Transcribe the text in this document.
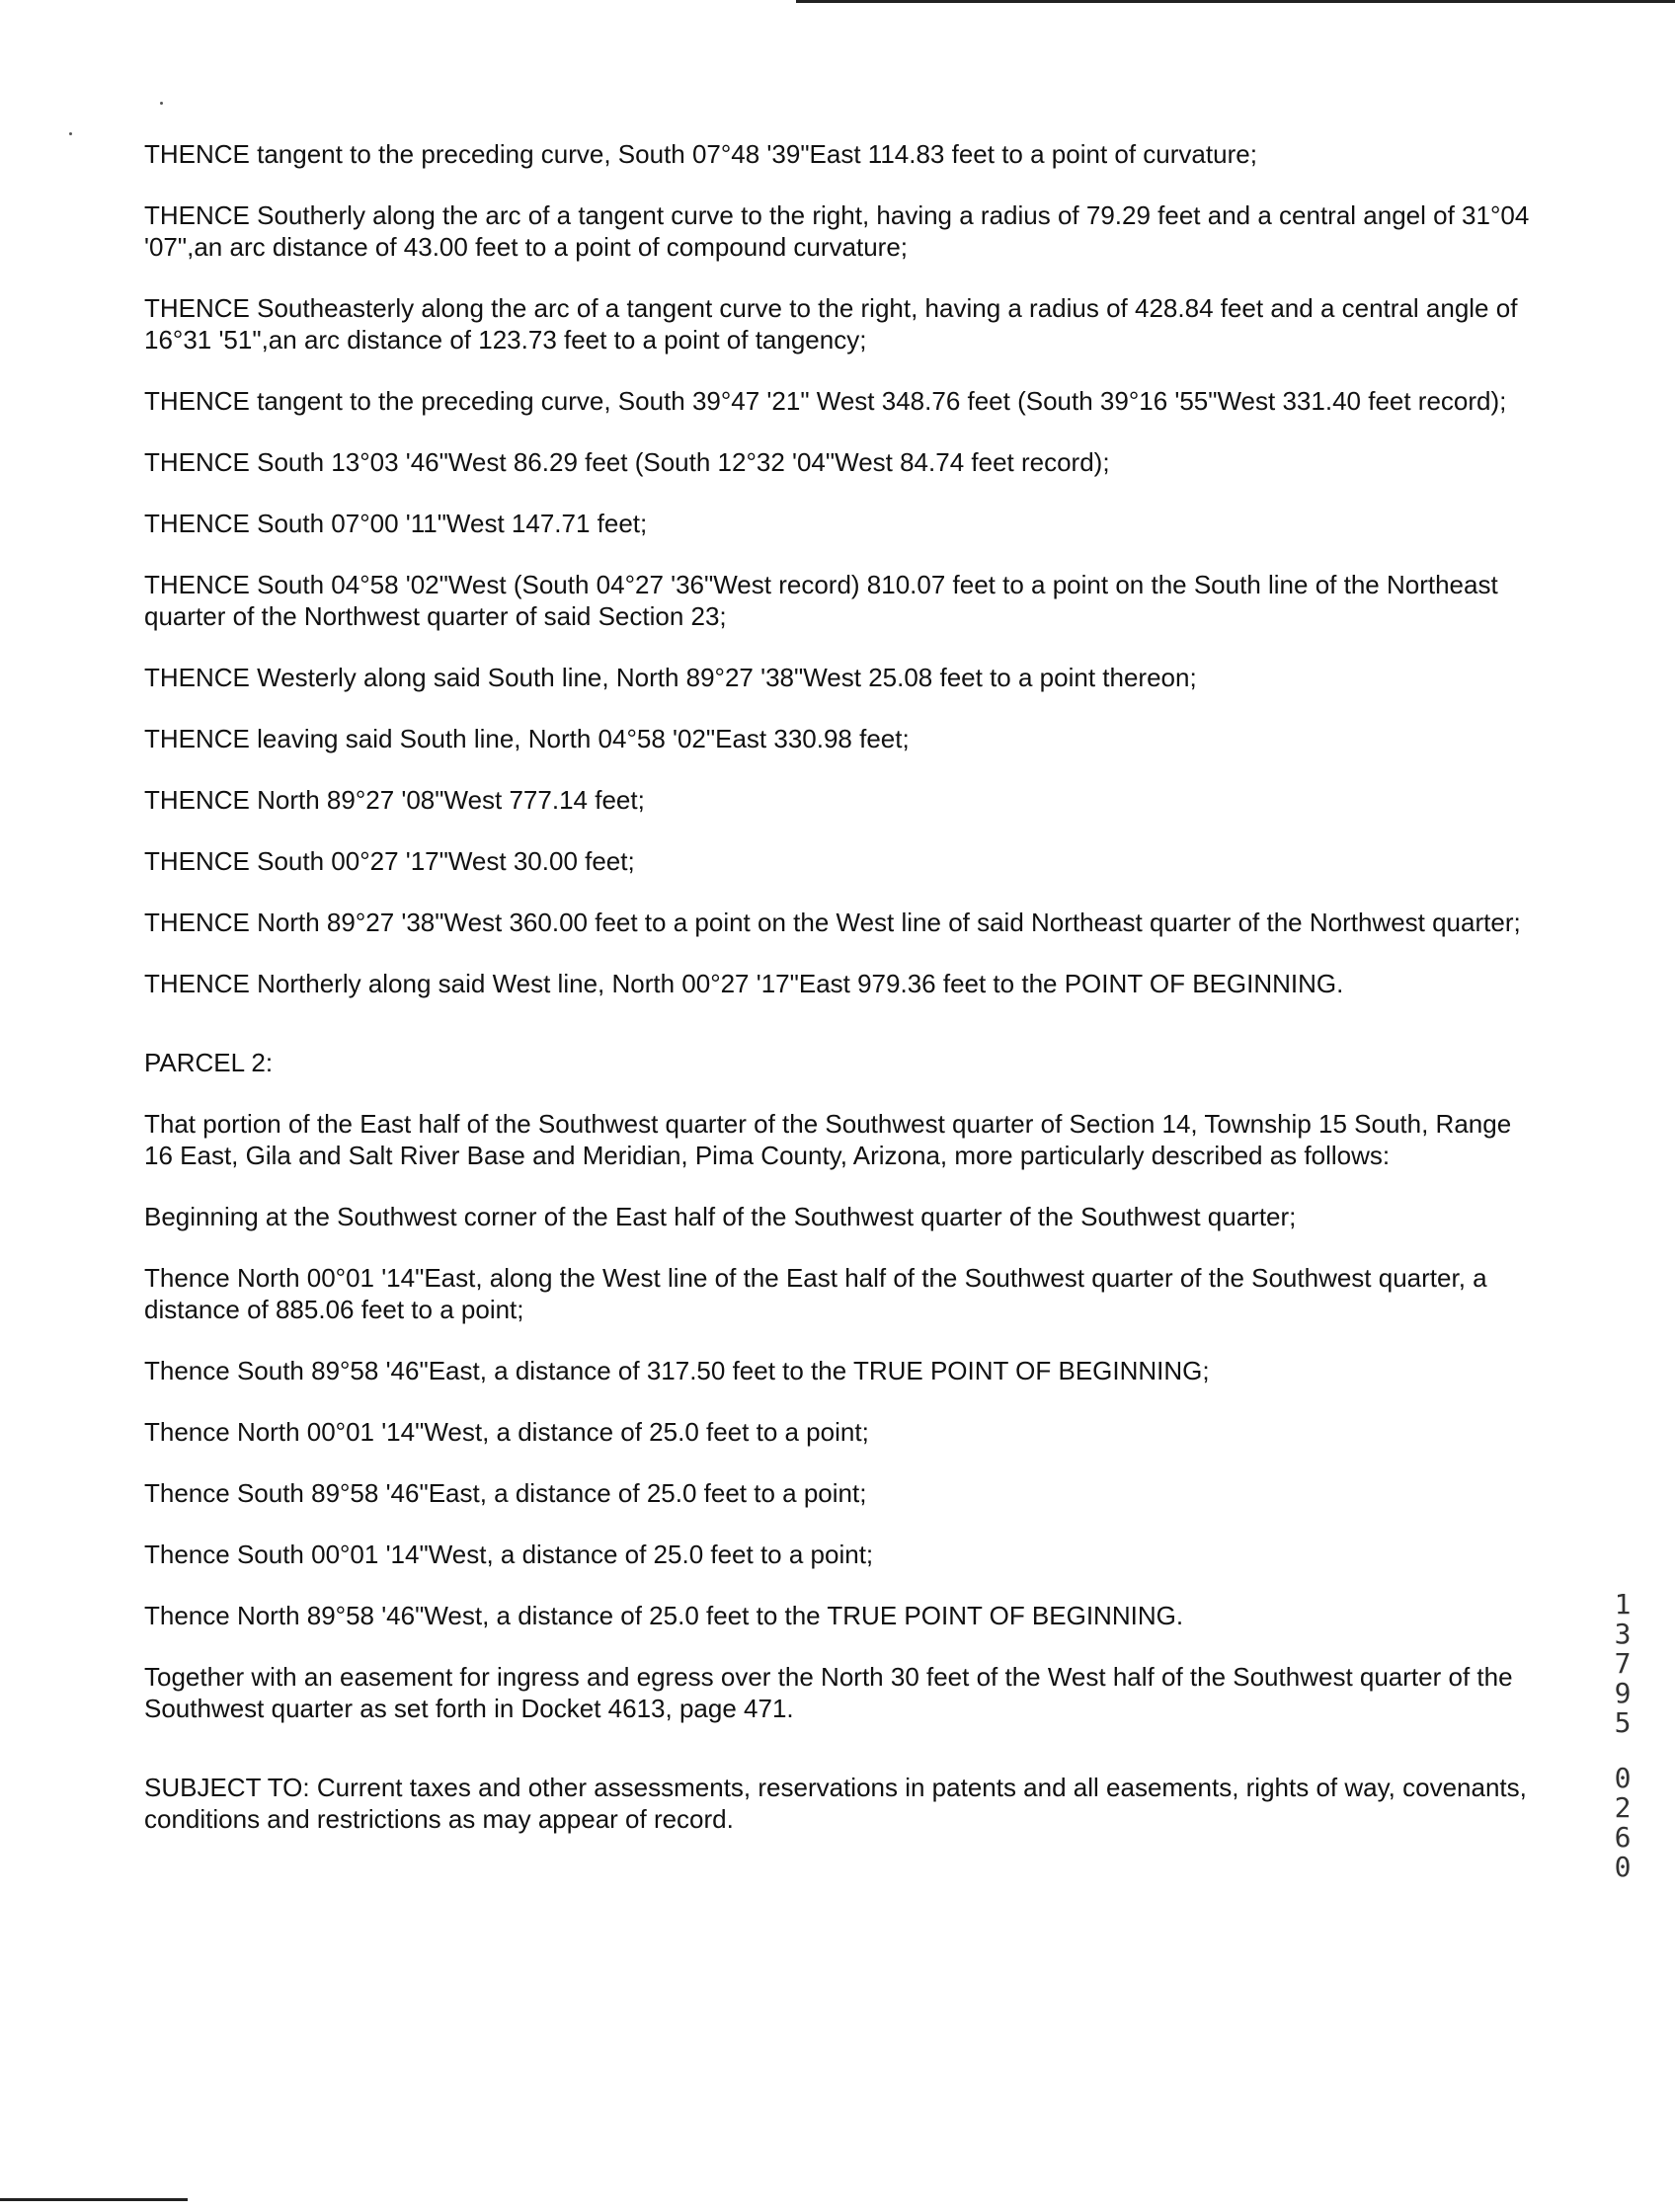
THENCE tangent to the preceding curve, South 07°48 '39"East 114.83 feet to a point of curvature;

THENCE Southerly along the arc of a tangent curve to the right, having a radius of 79.29 feet and a central angel of 31°04 '07",an arc distance of 43.00 feet to a point of compound curvature;

THENCE Southeasterly along the arc of a tangent curve to the right, having a radius of 428.84 feet and a central angle of 16°31 '51",an arc distance of 123.73 feet to a point of tangency;

THENCE tangent to the preceding curve, South 39°47 '21" West 348.76 feet (South 39°16 '55"West 331.40 feet record);

THENCE South 13°03 '46"West 86.29 feet (South 12°32 '04"West 84.74 feet record);

THENCE South 07°00 '11"West 147.71 feet;

THENCE South 04°58 '02"West (South 04°27 '36"West record) 810.07 feet to a point on the South line of the Northeast quarter of the Northwest quarter of said Section 23;

THENCE Westerly along said South line, North 89°27 '38"West 25.08 feet to a point thereon;

THENCE leaving said South line, North 04°58 '02"East 330.98 feet;

THENCE North 89°27 '08"West 777.14 feet;

THENCE South 00°27 '17"West 30.00 feet;

THENCE North 89°27 '38"West 360.00 feet to a point on the West line of said Northeast quarter of the Northwest quarter;

THENCE Northerly along said West line, North 00°27 '17"East 979.36 feet to the POINT OF BEGINNING.

PARCEL 2:

That portion of the East half of the Southwest quarter of the Southwest quarter of Section 14, Township 15 South, Range 16 East, Gila and Salt River Base and Meridian, Pima County, Arizona, more particularly described as follows:

Beginning at the Southwest corner of the East half of the Southwest quarter of the Southwest quarter;

Thence North 00°01 '14"East, along the West line of the East half of the Southwest quarter of the Southwest quarter, a distance of 885.06 feet to a point;

Thence South 89°58 '46"East, a distance of 317.50 feet to the TRUE POINT OF BEGINNING;

Thence North 00°01 '14"West, a distance of 25.0 feet to a point;

Thence South 89°58 '46"East, a distance of 25.0 feet to a point;

Thence South 00°01 '14"West, a distance of 25.0 feet to a point;

Thence North 89°58 '46"West, a distance of 25.0 feet to the TRUE POINT OF BEGINNING.

Together with an easement for ingress and egress over the North 30 feet of the West half of the Southwest quarter of the Southwest quarter as set forth in Docket 4613, page 471.

SUBJECT TO: Current taxes and other assessments, reservations in patents and all easements, rights of way, covenants, conditions and restrictions as may appear of record.

1
3
7
9
5
0
2
6
0
